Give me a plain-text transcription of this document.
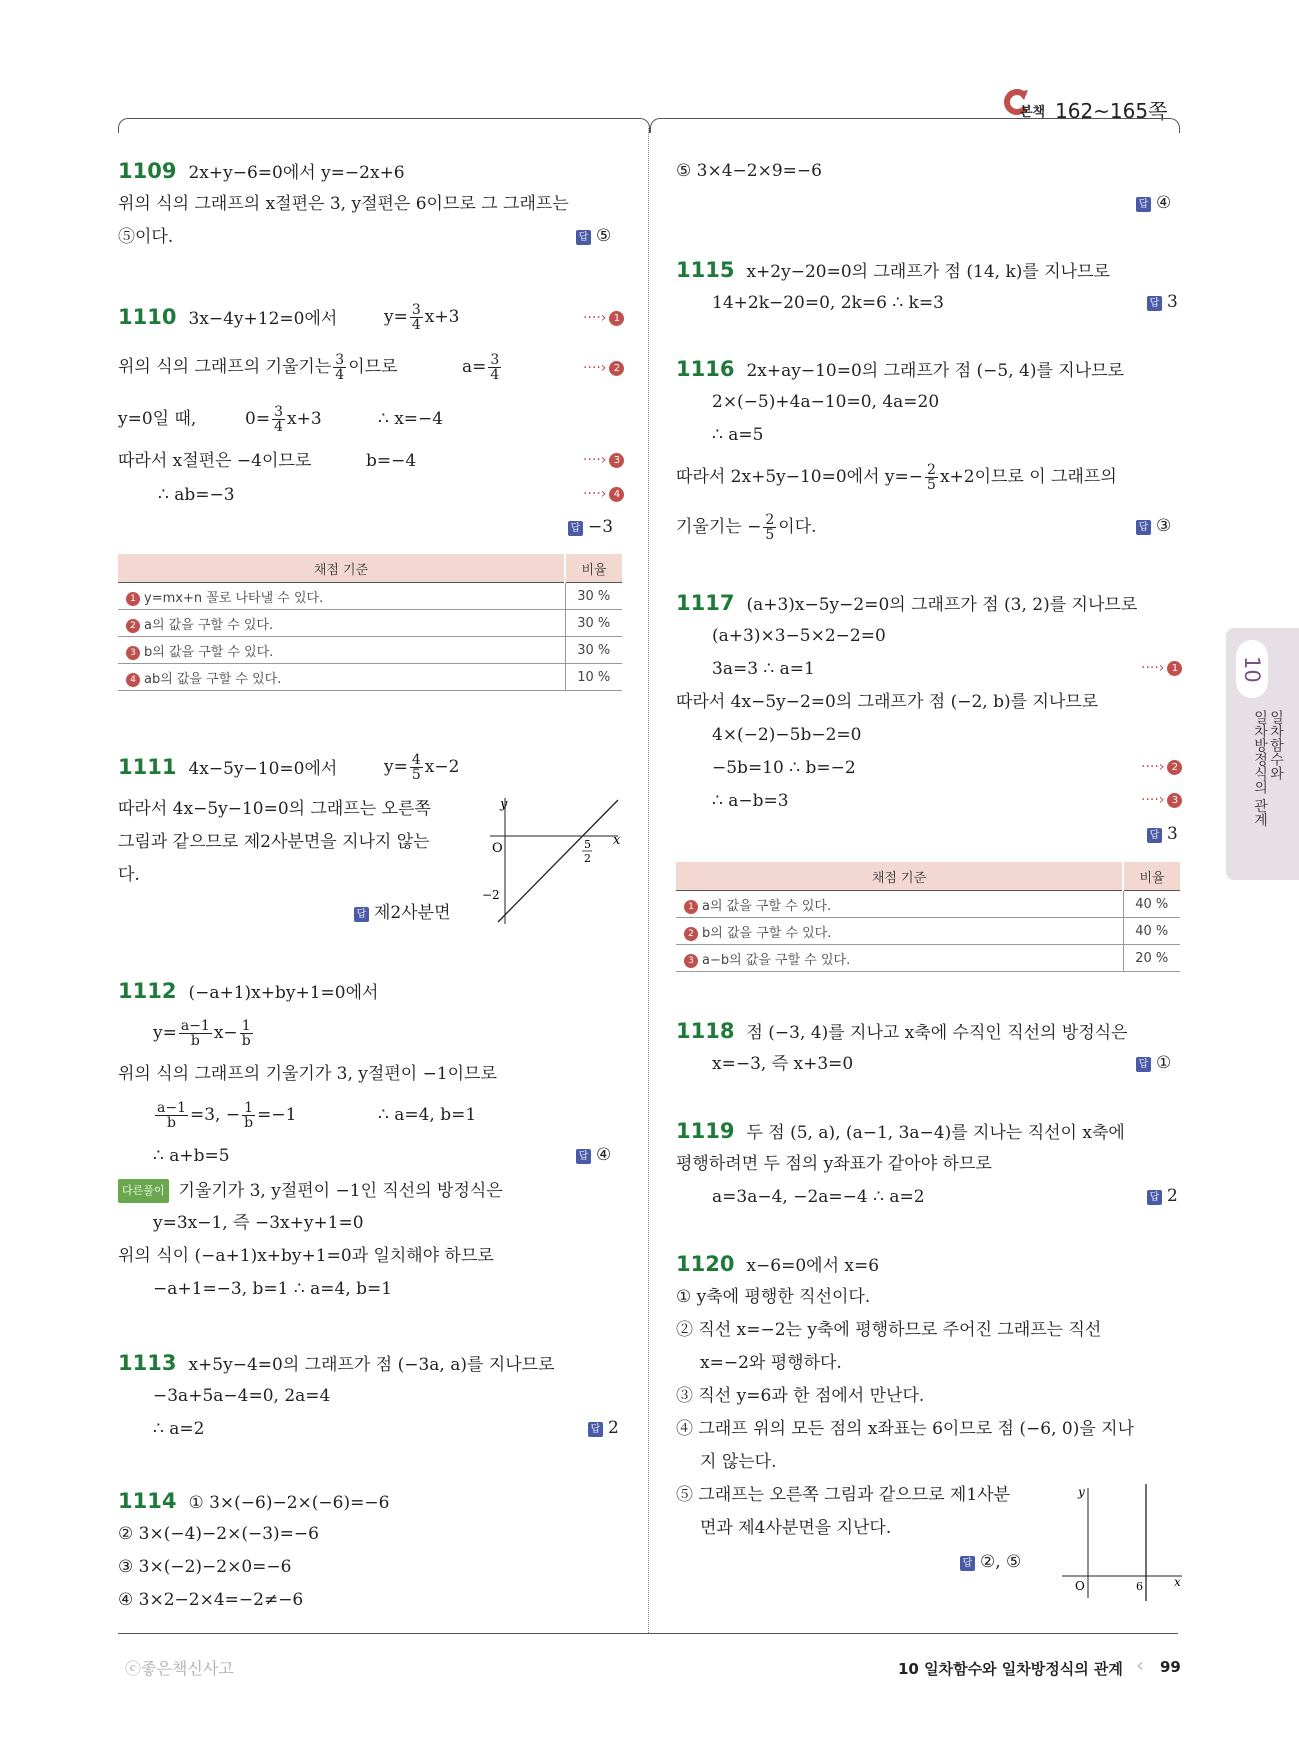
본책 162~165쪽
1109 2x+y−6=0에서 y=−2x+6
위의 식의 그래프의 x절편은 3, y절편은 6이므로 그 그래프는
⑤이다.	답 ⑤
1110 3x−4y+12=0에서	$y= \frac{3}{4} x+3$	····› 1
위의 식의 그래프의 기울기는 $\frac{3}{4}$ 이므로	$a= \frac{3}{4}$	····› 2
y=0일 때,	$0= \frac{3}{4} x+3$	∴ x=−4
따라서 x절편은 −4이므로	b=−4	····› 3
∴ ab=−3	····› 4
답 −3
채점 기준	비율
1 y=mx+n 꼴로 나타낼 수 있다.	30 %
2 a의 값을 구할 수 있다.	30 %
3 b의 값을 구할 수 있다.	30 %
4 ab의 값을 구할 수 있다.	10 %
1111 4x−5y−10=0에서	$y= \frac{4}{5} x-2$
따라서 4x−5y−10=0의 그래프는 오른쪽
그림과 같으므로 제2사분면을 지나지 않는
다.
답 제2사분면
x
y
O	5
2
−2
1112 (−a+1)x+by+1=0에서
$y= \frac{a-1}{b} x- \frac{1}{b}$
위의 식의 그래프의 기울기가 3, y절편이 −1이므로
$\frac{a-1}{b} =3$, − $\frac{1}{b} =-1$	∴ a=4, b=1
∴ a+b=5	답 ④
다른풀이 기울기가 3, y절편이 −1인 직선의 방정식은
y=3x−1, 즉 −3x+y+1=0
위의 식이 (−a+1)x+by+1=0과 일치해야 하므로
−a+1=−3, b=1 ∴ a=4, b=1
1113 x+5y−4=0의 그래프가 점 (−3a, a)를 지나므로
−3a+5a−4=0, 2a=4
∴ a=2	답 2
1114 ① 3×(−6)−2×(−6)=−6
② 3×(−4)−2×(−3)=−6
③ 3×(−2)−2×0=−6
④ 3×2−2×4=−2≠−6
⑤ 3×4−2×9=−6
답 ④
1115 x+2y−20=0의 그래프가 점 (14, k)를 지나므로
14+2k−20=0, 2k=6 ∴ k=3	답 3
1116 2x+ay−10=0의 그래프가 점 (−5, 4)를 지나므로
2×(−5)+4a−10=0, 4a=20
∴ a=5
따라서 2x+5y−10=0에서 $y=- \frac{2}{5} x+2$이므로 이 그래프의
기울기는 − $\frac{2}{5}$ 이다.	답 ③
1117 (a+3)x−5y−2=0의 그래프가 점 (3, 2)를 지나므로
(a+3)×3−5×2−2=0
3a=3 ∴ a=1	····› 1
따라서 4x−5y−2=0의 그래프가 점 (−2, b)를 지나므로
4×(−2)−5b−2=0
−5b=10 ∴ b=−2	····› 2
∴ a−b=3	····› 3
답 3
채점 기준	비율
1 a의 값을 구할 수 있다.	40 %
2 b의 값을 구할 수 있다.	40 %
3 a−b의 값을 구할 수 있다.	20 %
1118 점 (−3, 4)를 지나고 x축에 수직인 직선의 방정식은
x=−3, 즉 x+3=0	답 ①
1119 두 점 (5, a), (a−1, 3a−4)를 지나는 직선이 x축에
평행하려면 두 점의 y좌표가 같아야 하므로
a=3a−4, −2a=−4 ∴ a=2	답 2
1120 x−6=0에서 x=6
① y축에 평행한 직선이다.
② 직선 x=−2는 y축에 평행하므로 주어진 그래프는 직선
x=−2와 평행하다.
③ 직선 y=6과 한 점에서 만난다.
④ 그래프 위의 모든 점의 x좌표는 6이므로 점 (−6, 0)을 지나
지 않는다.
⑤ 그래프는 오른쪽 그림과 같으므로 제1사분
면과 제4사분면을 지난다.
답 ②, ⑤
x
y
O	6
10
일차함수와
일차방정식의 관계
ⓒ좋은책신사고	10 일차함수와 일차방정식의 관계 ‹ 99
